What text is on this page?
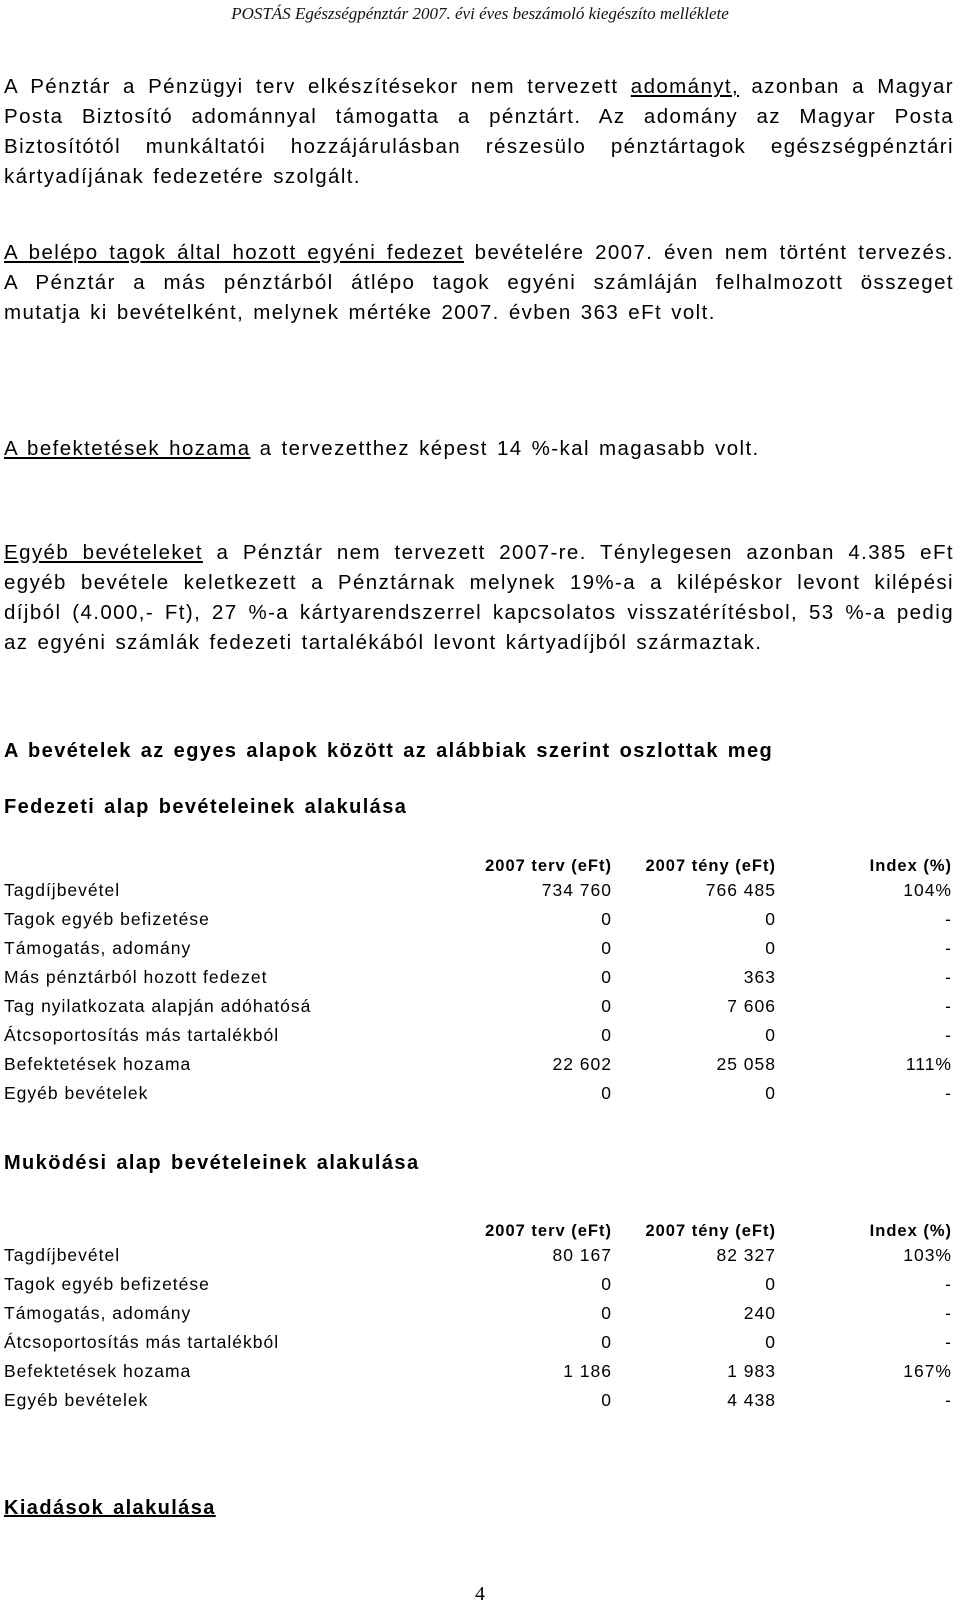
POSTÁS Egészségpénztár 2007. évi éves beszámoló kiegészíto melléklete

A Pénztár a Pénzügyi terv elkészítésekor nem tervezett adományt, azonban a Magyar Posta Biztosító adománnyal támogatta a pénztárt. Az adomány az Magyar Posta Biztosítótól munkáltatói hozzájárulásban részesülo pénztártagok egészségpénztári kártyadíjának fedezetére szolgált.

A belépo tagok által hozott egyéni fedezet bevételére 2007. éven nem történt tervezés. A Pénztár a más pénztárból átlépo tagok egyéni számláján felhalmozott összeget mutatja ki bevételként, melynek mértéke 2007. évben 363 eFt volt.

A befektetések hozama a tervezetthez képest 14 %-kal magasabb volt.

Egyéb bevételeket a Pénztár nem tervezett 2007-re. Ténylegesen azonban 4.385 eFt egyéb bevétele keletkezett a Pénztárnak melynek 19%-a a kilépéskor levont kilépési díjból (4.000,- Ft), 27 %-a kártyarendszerrel kapcsolatos visszatérítésbol, 53 %-a pedig az egyéni számlák fedezeti tartalékából levont kártyadíjból származtak.

A bevételek az egyes alapok között az alábbiak szerint oszlottak meg

Fedezeti alap bevételeinek alakulása

	2007 terv (eFt)	2007 tény (eFt)	Index (%)
Tagdíjbevétel	734 760	766 485	104%
Tagok egyéb befizetése	0	0	-
Támogatás, adomány	0	0	-
Más pénztárból hozott fedezet	0	363	-
Tag nyilatkozata alapján adóhatósá	0	7 606	-
Átcsoportosítás más tartalékból	0	0	-
Befektetések hozama	22 602	25 058	111%
Egyéb bevételek	0	0	-

Muködési alap bevételeinek alakulása

	2007 terv (eFt)	2007 tény (eFt)	Index (%)
Tagdíjbevétel	80 167	82 327	103%
Tagok egyéb befizetése	0	0	-
Támogatás, adomány	0	240	-
Átcsoportosítás más tartalékból	0	0	-
Befektetések hozama	1 186	1 983	167%
Egyéb bevételek	0	4 438	-

Kiadások alakulása

4
